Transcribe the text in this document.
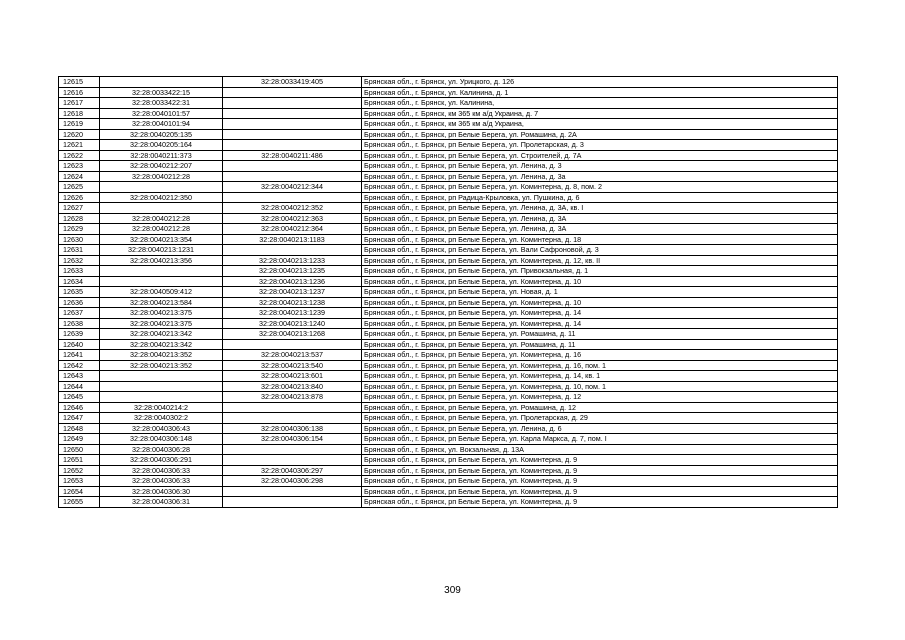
12615		32:28:0033419:405	Брянская обл., г. Брянск, ул. Урицкого, д. 126
12616	32:28:0033422:15		Брянская обл., г. Брянск, ул. Калинина, д. 1
12617	32:28:0033422:31		Брянская обл., г. Брянск, ул. Калинина,
12618	32:28:0040101:57		Брянская обл., г. Брянск, км 365 км а/д Украина, д. 7
12619	32:28:0040101:94		Брянская обл., г. Брянск, км 365 км а/д Украина,
12620	32:28:0040205:135		Брянская обл., г. Брянск, рп Белые Берега, ул. Ромашина, д. 2А
12621	32:28:0040205:164		Брянская обл., г. Брянск, рп Белые Берега, ул. Пролетарская, д. 3
12622	32:28:0040211:373	32:28:0040211:486	Брянская обл., г. Брянск, рп Белые Берега, ул. Строителей, д. 7А
12623	32:28:0040212:207		Брянская обл., г. Брянск, рп Белые Берега, ул. Ленина, д. 3
12624	32:28:0040212:28		Брянская обл., г. Брянск, рп Белые Берега, ул. Ленина, д. 3а
12625		32:28:0040212:344	Брянская обл., г. Брянск, рп Белые Берега, ул. Коминтерна, д. 8, пом. 2
12626	32:28:0040212:350		Брянская обл., г. Брянск, рп Радица-Крыловка, ул. Пушкина, д. 6
12627		32:28:0040212:352	Брянская обл., г. Брянск, рп Белые Берега, ул. Ленина, д. 3А, кв. I
12628	32:28:0040212:28	32:28:0040212:363	Брянская обл., г. Брянск, рп Белые Берега, ул. Ленина, д. 3А
12629	32:28:0040212:28	32:28:0040212:364	Брянская обл., г. Брянск, рп Белые Берега, ул. Ленина, д. 3А
12630	32:28:0040213:354	32:28:0040213:1183	Брянская обл., г. Брянск, рп Белые Берега, ул. Коминтерна, д. 18
12631	32:28:0040213:1231		Брянская обл., г. Брянск, рп Белые Берега, ул. Вали Сафроновой, д. 3
12632	32:28:0040213:356	32:28:0040213:1233	Брянская обл., г. Брянск, рп Белые Берега, ул. Коминтерна, д. 12, кв. II
12633		32:28:0040213:1235	Брянская обл., г. Брянск, рп Белые Берега, ул. Привокзальная, д. 1
12634		32:28:0040213:1236	Брянская обл., г. Брянск, рп Белые Берега, ул. Коминтерна, д. 10
12635	32:28:0040509:412	32:28:0040213:1237	Брянская обл., г. Брянск, рп Белые Берега, ул. Новая, д. 1
12636	32:28:0040213:584	32:28:0040213:1238	Брянская обл., г. Брянск, рп Белые Берега, ул. Коминтерна, д. 10
12637	32:28:0040213:375	32:28:0040213:1239	Брянская обл., г. Брянск, рп Белые Берега, ул. Коминтерна, д. 14
12638	32:28:0040213:375	32:28:0040213:1240	Брянская обл., г. Брянск, рп Белые Берега, ул. Коминтерна, д. 14
12639	32:28:0040213:342	32:28:0040213:1268	Брянская обл., г. Брянск, рп Белые Берега, ул. Ромашина, д. 11
12640	32:28:0040213:342		Брянская обл., г. Брянск, рп Белые Берега, ул. Ромашина, д. 11
12641	32:28:0040213:352	32:28:0040213:537	Брянская обл., г. Брянск, рп Белые Берега, ул. Коминтерна, д. 16
12642	32:28:0040213:352	32:28:0040213:540	Брянская обл., г. Брянск, рп Белые Берега, ул. Коминтерна, д. 16, пом. 1
12643		32:28:0040213:601	Брянская обл., г. Брянск, рп Белые Берега, ул. Коминтерна, д. 14, кв. 1
12644		32:28:0040213:840	Брянская обл., г. Брянск, рп Белые Берега, ул. Коминтерна, д. 10, пом. 1
12645		32:28:0040213:878	Брянская обл., г. Брянск, рп Белые Берега, ул. Коминтерна, д. 12
12646	32:28:0040214:2		Брянская обл., г. Брянск, рп Белые Берега, ул. Ромашина, д. 12
12647	32:28:0040302:2		Брянская обл., г. Брянск, рп Белые Берега, ул. Пролетарская, д. 29
12648	32:28:0040306:43	32:28:0040306:138	Брянская обл., г. Брянск, рп Белые Берега, ул. Ленина, д. 6
12649	32:28:0040306:148	32:28:0040306:154	Брянская обл., г. Брянск, рп Белые Берега, ул. Карла Маркса, д. 7, пом. I
12650	32:28:0040306:28		Брянская обл., г. Брянск, ул. Вокзальная, д. 13А
12651	32:28:0040306:291		Брянская обл., г. Брянск, рп Белые Берега, ул. Коминтерна, д. 9
12652	32:28:0040306:33	32:28:0040306:297	Брянская обл., г. Брянск, рп Белые Берега, ул. Коминтерна, д. 9
12653	32:28:0040306:33	32:28:0040306:298	Брянская обл., г. Брянск, рп Белые Берега, ул. Коминтерна, д. 9
12654	32:28:0040306:30		Брянская обл., г. Брянск, рп Белые Берега, ул. Коминтерна, д. 9
12655	32:28:0040306:31		Брянская обл., г. Брянск, рп Белые Берега, ул. Коминтерна, д. 9
309
